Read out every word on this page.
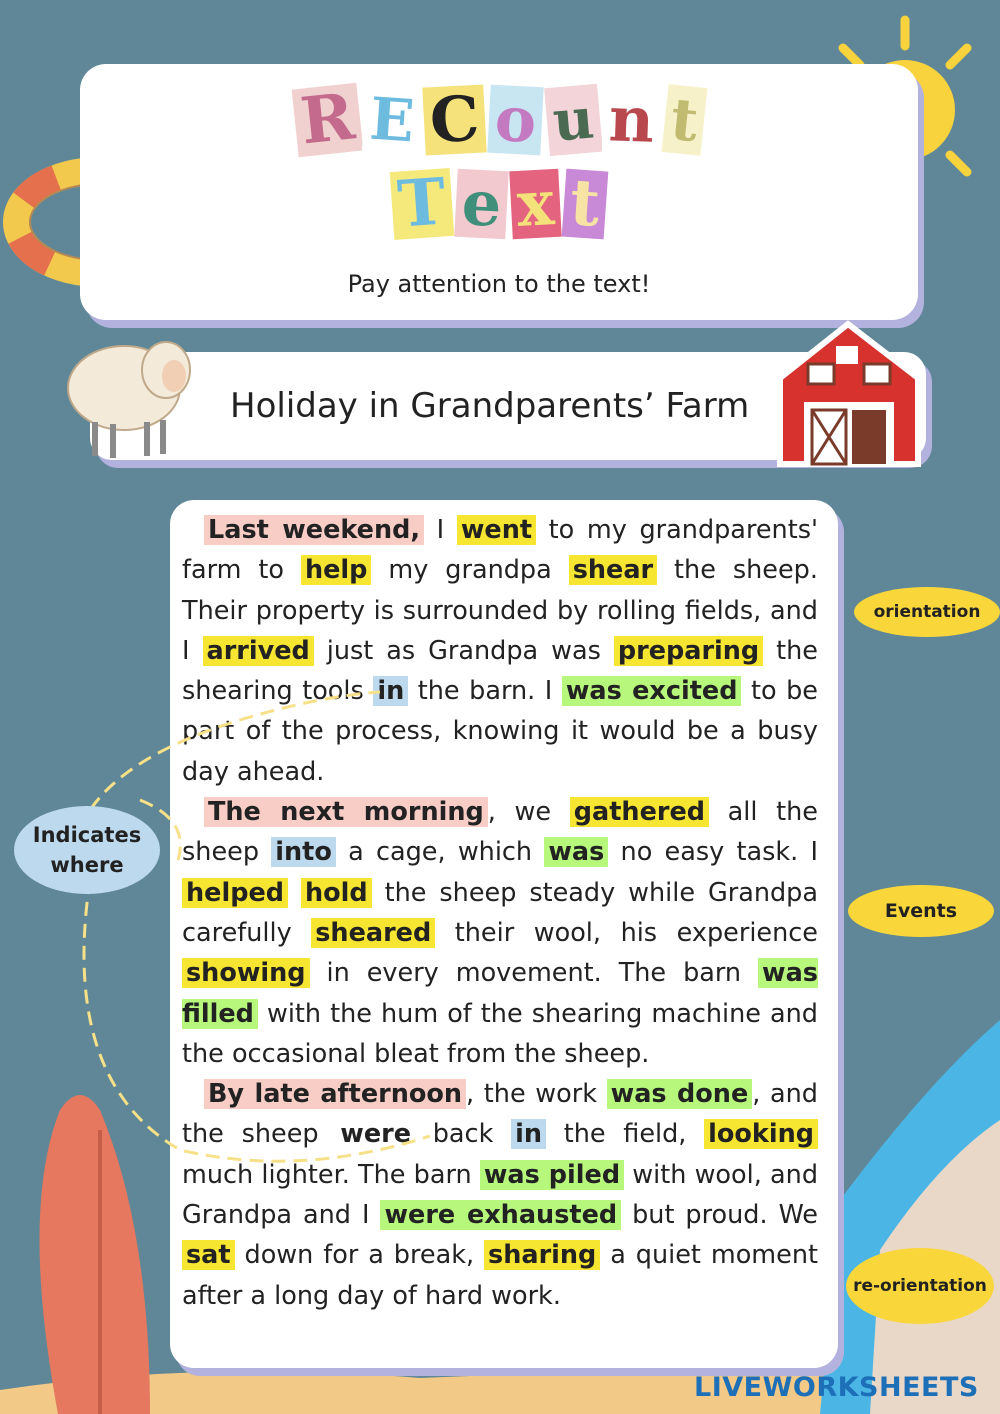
R E C o u n t
T e x t
Pay attention to the text!
Holiday in Grandparents’ Farm

Last weekend, I went to my grandparents' farm to help my grandpa shear the sheep. Their property is surrounded by rolling fields, and I arrived just as Grandpa was preparing the shearing tools in the barn. I was excited to be part of the process, knowing it would be a busy day ahead.

The next morning , we gathered all the sheep into a cage, which was no easy task. I helped hold the sheep steady while Grandpa carefully sheared their wool, his experience showing in every movement. The barn was filled with the hum of the shearing machine and the occasional bleat from the sheep.

By late afternoon , the work was done , and the sheep were back in the field, looking much lighter. The barn was piled with wool, and Grandpa and I were exhausted but proud. We sat down for a break, sharing a quiet moment after a long day of hard work.

Indicates where
orientation
Events
re-orientation
LIVEWORKSHEETS
